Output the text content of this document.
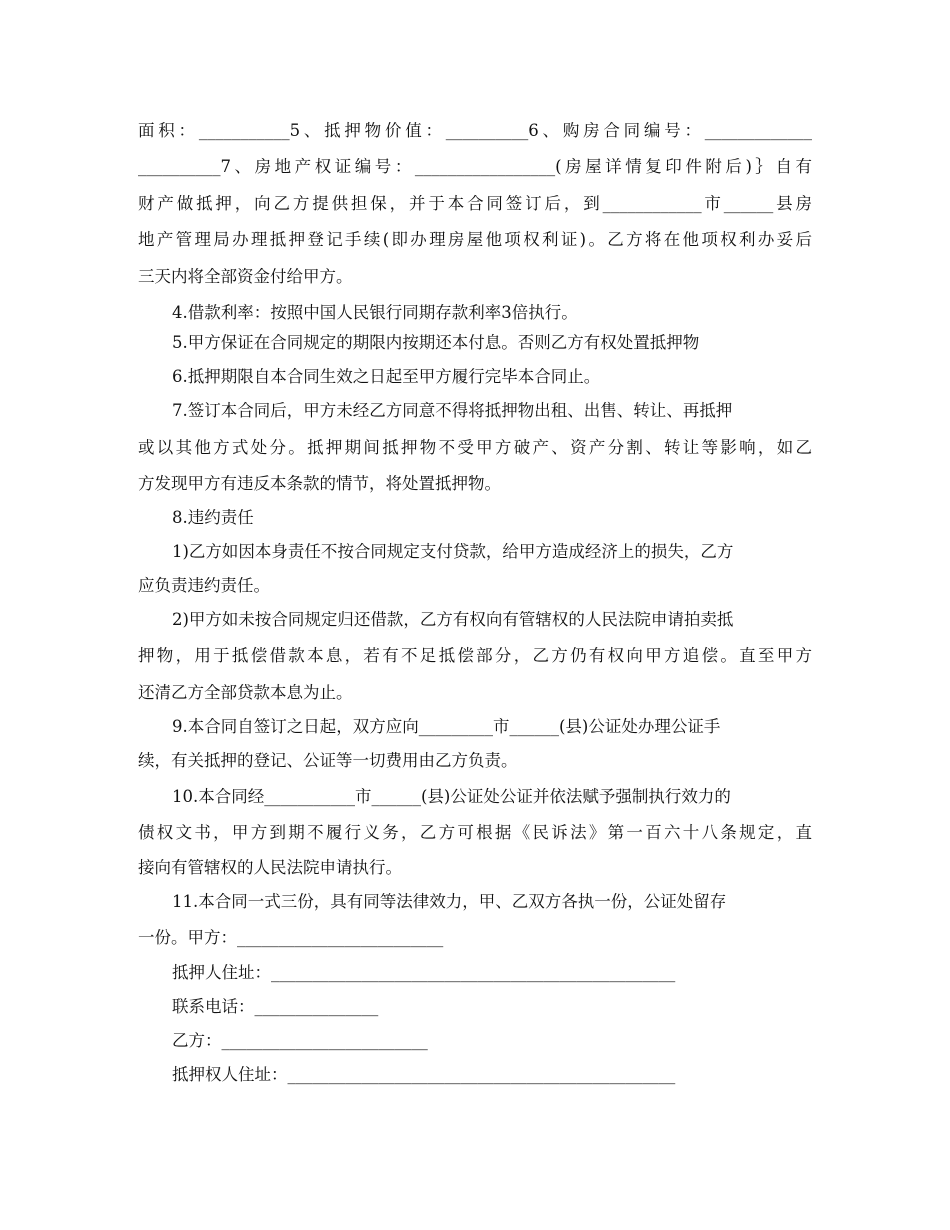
面积：___________5、抵押物价值：__________6、购房合同编号：_____________
__________7、房地产权证编号：_________________(房屋详情复印件附后)｝自有
财产做抵押，向乙方提供担保，并于本合同签订后，到____________市______县房
地产管理局办理抵押登记手续(即办理房屋他项权利证)。乙方将在他项权利办妥后
三天内将全部资金付给甲方。
4.借款利率：按照中国人民银行同期存款利率3倍执行。
5.甲方保证在合同规定的期限内按期还本付息。否则乙方有权处置抵押物
6.抵押期限自本合同生效之日起至甲方履行完毕本合同止。
7.签订本合同后，甲方未经乙方同意不得将抵押物出租、出售、转让、再抵押
或以其他方式处分。抵押期间抵押物不受甲方破产、资产分割、转让等影响，如乙
方发现甲方有违反本条款的情节，将处置抵押物。
8.违约责任
1)乙方如因本身责任不按合同规定支付贷款，给甲方造成经济上的损失，乙方
应负责违约责任。
2)甲方如未按合同规定归还借款，乙方有权向有管辖权的人民法院申请拍卖抵
押物，用于抵偿借款本息，若有不足抵偿部分，乙方仍有权向甲方追偿。直至甲方
还清乙方全部贷款本息为止。
9.本合同自签订之日起，双方应向_________市______(县)公证处办理公证手
续，有关抵押的登记、公证等一切费用由乙方负责。
10.本合同经___________市______(县)公证处公证并依法赋予强制执行效力的
债权文书，甲方到期不履行义务，乙方可根据《民诉法》第一百六十八条规定，直
接向有管辖权的人民法院申请执行。
11.本合同一式三份，具有同等法律效力，甲、乙双方各执一份，公证处留存
一份。甲方：_________________________
抵押人住址：_________________________________________________
联系电话：_______________
乙方：_________________________
抵押权人住址：_______________________________________________
